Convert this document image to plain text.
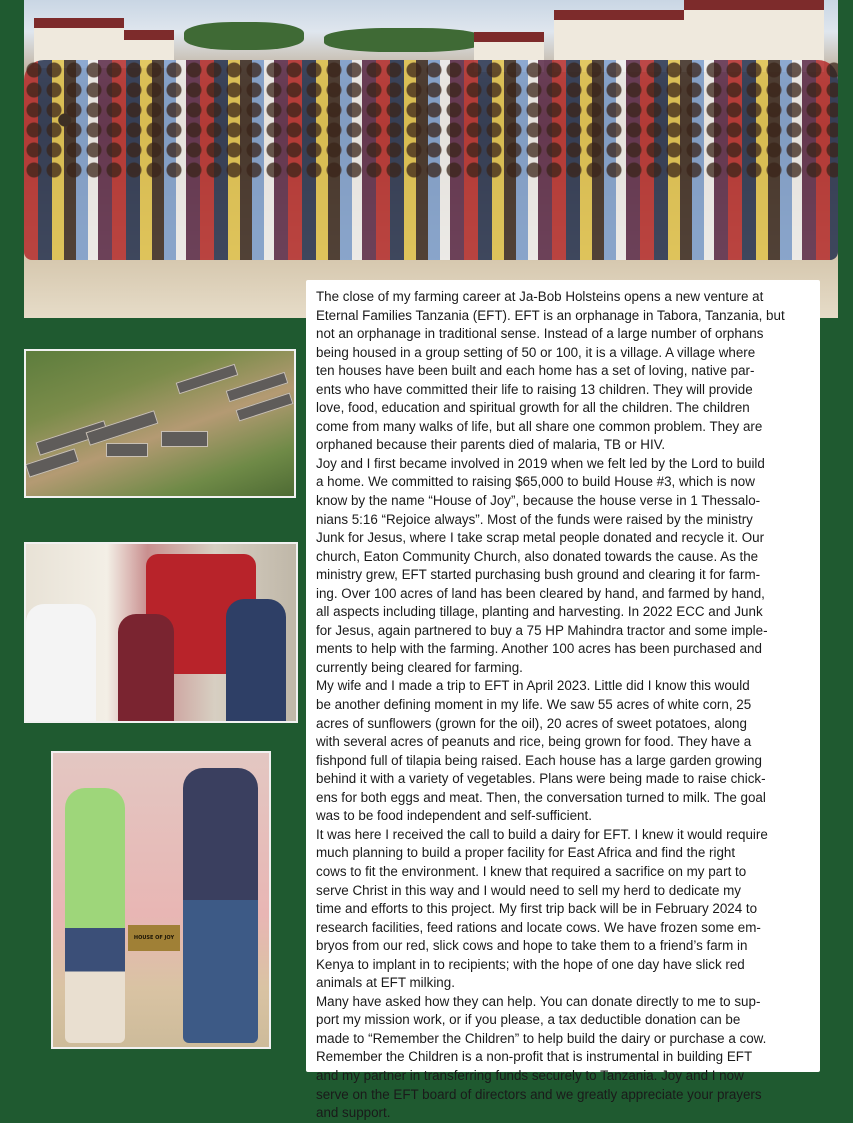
HOUSE OF JOY

The close of my farming career at Ja-Bob Holsteins opens a new venture at

Eternal Families Tanzania (EFT). EFT is an orphanage in Tabora, Tanzania, but

not an orphanage in traditional sense. Instead of a large number of orphans

being housed in a group setting of 50 or 100, it is a village. A village where

ten houses have been built and each home has a set of loving, native par-

ents who have committed their life to raising 13 children. They will provide

love, food, education and spiritual growth for all the children. The children

come from many walks of life, but all share one common problem. They are

orphaned because their parents died of malaria, TB or HIV.

Joy and I first became involved in 2019 when we felt led by the Lord to build

a home. We committed to raising $65,000 to build House #3, which is now

know by the name “House of Joy”, because the house verse in 1 Thessalo-

nians 5:16 “Rejoice always”. Most of the funds were raised by the ministry

Junk for Jesus, where I take scrap metal people donated and recycle it. Our

church, Eaton Community Church, also donated towards the cause. As the

ministry grew, EFT started purchasing bush ground and clearing it for farm-

ing. Over 100 acres of land has been cleared by hand, and farmed by hand,

all aspects including tillage, planting and harvesting. In 2022 ECC and Junk

for Jesus, again partnered to buy a 75 HP Mahindra tractor and some imple-

ments to help with the farming. Another 100 acres has been purchased and

currently being cleared for farming.

My wife and I made a trip to EFT in April 2023. Little did I know this would

be another defining moment in my life. We saw 55 acres of white corn, 25

acres of sunflowers (grown for the oil), 20 acres of sweet potatoes, along

with several acres of peanuts and rice, being grown for food. They have a

fishpond full of tilapia being raised. Each house has a large garden growing

behind it with a variety of vegetables. Plans were being made to raise chick-

ens for both eggs and meat. Then, the conversation turned to milk. The goal

was to be food independent and self-sufficient.

It was here I received the call to build a dairy for EFT. I knew it would require

much planning to build a proper facility for East Africa and find the right

cows to fit the environment. I knew that required a sacrifice on my part to

serve Christ in this way and I would need to sell my herd to dedicate my

time and efforts to this project. My first trip back will be in February 2024 to

research facilities, feed rations and locate cows. We have frozen some em-

bryos from our red, slick cows and hope to take them to a friend’s farm in

Kenya to implant in to recipients; with the hope of one day have slick red

animals at EFT milking.

Many have asked how they can help. You can donate directly to me to sup-

port my mission work, or if you please, a tax deductible donation can be

made to “Remember the Children” to help build the dairy or purchase a cow.

Remember the Children is a non-profit that is instrumental in building EFT

and my partner in transferring funds securely to Tanzania. Joy and I now

serve on the EFT board of directors and we greatly appreciate your prayers

and support.
